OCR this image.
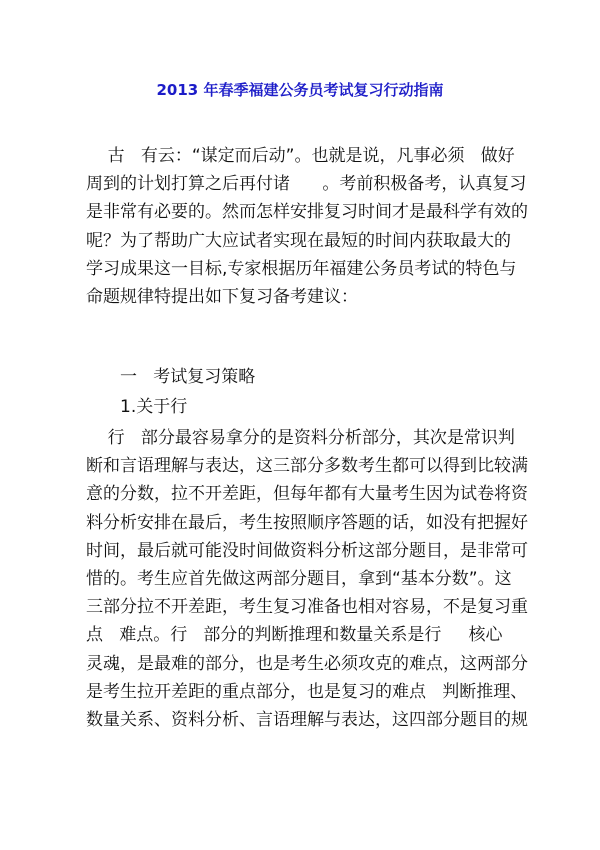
2013 年春季福建公务员考试复习行动指南
古   有云：“谋定而后动”。也就是说，凡事必须   做好
周到的计划打算之后再付诸      。考前积极备考，认真复习
是非常有必要的。然而怎样安排复习时间才是最科学有效的
呢？为了帮助广大应试者实现在最短的时间内获取最大的
学习成果这一目标,专家根据历年福建公务员考试的特色与
命题规律特提出如下复习备考建议：
一   考试复习策略
1.关于行
行   部分最容易拿分的是资料分析部分，其次是常识判
断和言语理解与表达，这三部分多数考生都可以得到比较满
意的分数，拉不开差距，但每年都有大量考生因为试卷将资
料分析安排在最后，考生按照顺序答题的话，如没有把握好
时间，最后就可能没时间做资料分析这部分题目，是非常可
惜的。考生应首先做这两部分题目，拿到“基本分数”。这
三部分拉不开差距，考生复习准备也相对容易，不是复习重
点   难点。行   部分的判断推理和数量关系是行     核心
灵魂，是最难的部分，也是考生必须攻克的难点，这两部分
是考生拉开差距的重点部分，也是复习的难点   判断推理、
数量关系、资料分析、言语理解与表达，这四部分题目的规
